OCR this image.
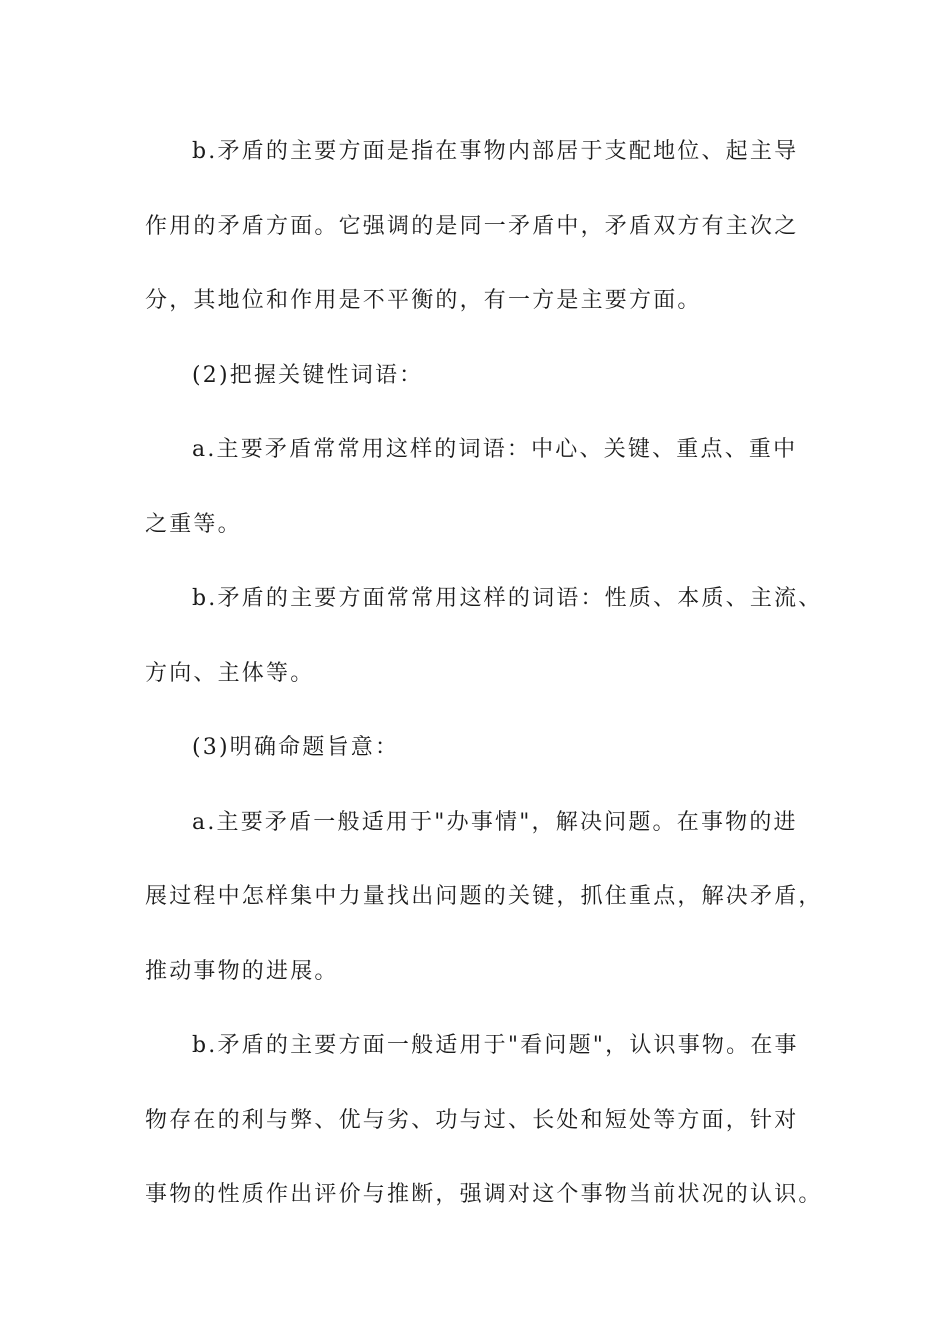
b.矛盾的主要方面是指在事物内部居于支配地位、起主导
作用的矛盾方面。它强调的是同一矛盾中，矛盾双方有主次之
分，其地位和作用是不平衡的，有一方是主要方面。
(2)把握关键性词语：
a.主要矛盾常常用这样的词语：中心、关键、重点、重中
之重等。
b.矛盾的主要方面常常用这样的词语：性质、本质、主流、
方向、主体等。
(3)明确命题旨意：
a.主要矛盾一般适用于"办事情"，解决问题。在事物的进
展过程中怎样集中力量找出问题的关键，抓住重点，解决矛盾，
推动事物的进展。
b.矛盾的主要方面一般适用于"看问题"，认识事物。在事
物存在的利与弊、优与劣、功与过、长处和短处等方面，针对
事物的性质作出评价与推断，强调对这个事物当前状况的认识。
